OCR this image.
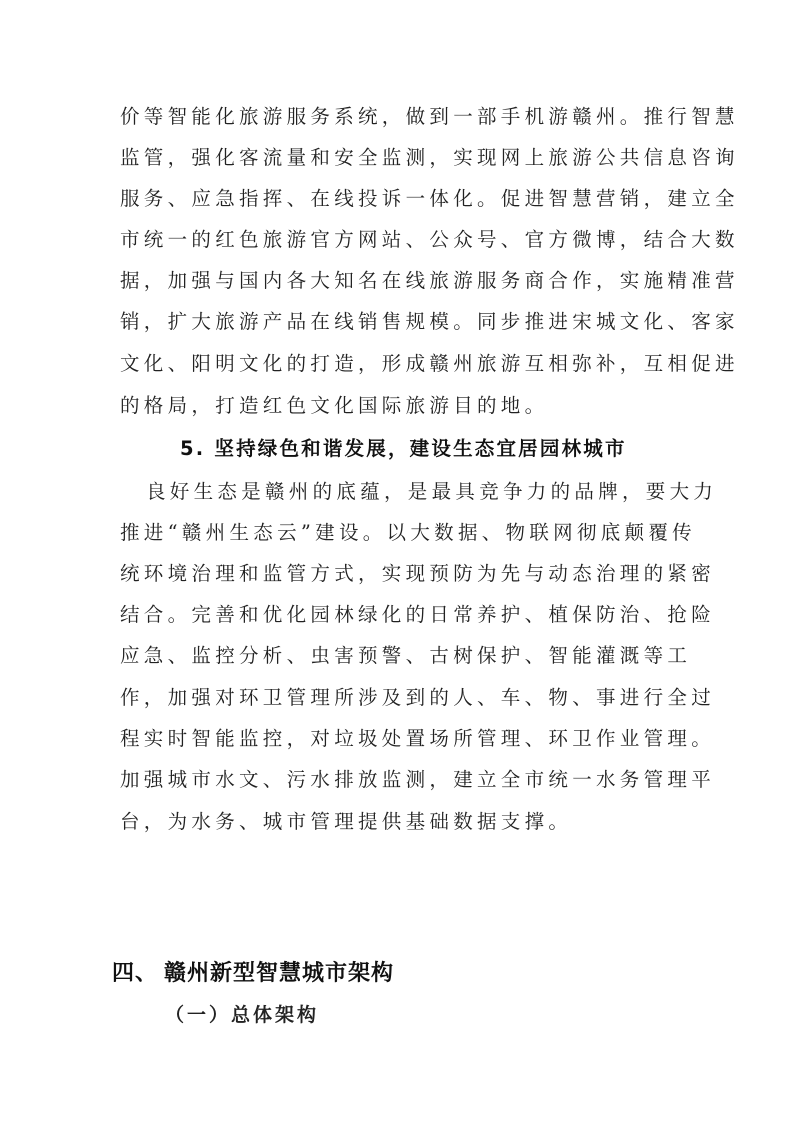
价等智能化旅游服务系统，做到一部手机游赣州。推行智慧
监管，强化客流量和安全监测，实现网上旅游公共信息咨询
服务、应急指挥、在线投诉一体化。促进智慧营销，建立全
市统一的红色旅游官方网站、公众号、官方微博，结合大数
据，加强与国内各大知名在线旅游服务商合作，实施精准营
销，扩大旅游产品在线销售规模。同步推进宋城文化、客家
文化、阳明文化的打造，形成赣州旅游互相弥补，互相促进
的格局，打造红色文化国际旅游目的地。
5. 坚持绿色和谐发展，建设生态宜居园林城市
良好生态是赣州的底蕴，是最具竞争力的品牌，要大力
推进“赣州生态云”建设。以大数据、物联网彻底颠覆传
统环境治理和监管方式，实现预防为先与动态治理的紧密
结合。完善和优化园林绿化的日常养护、植保防治、抢险
应急、监控分析、虫害预警、古树保护、智能灌溉等工
作，加强对环卫管理所涉及到的人、车、物、事进行全过
程实时智能监控，对垃圾处置场所管理、环卫作业管理。
加强城市水文、污水排放监测，建立全市统一水务管理平
台，为水务、城市管理提供基础数据支撑。
四、 赣州新型智慧城市架构
（一）总体架构
